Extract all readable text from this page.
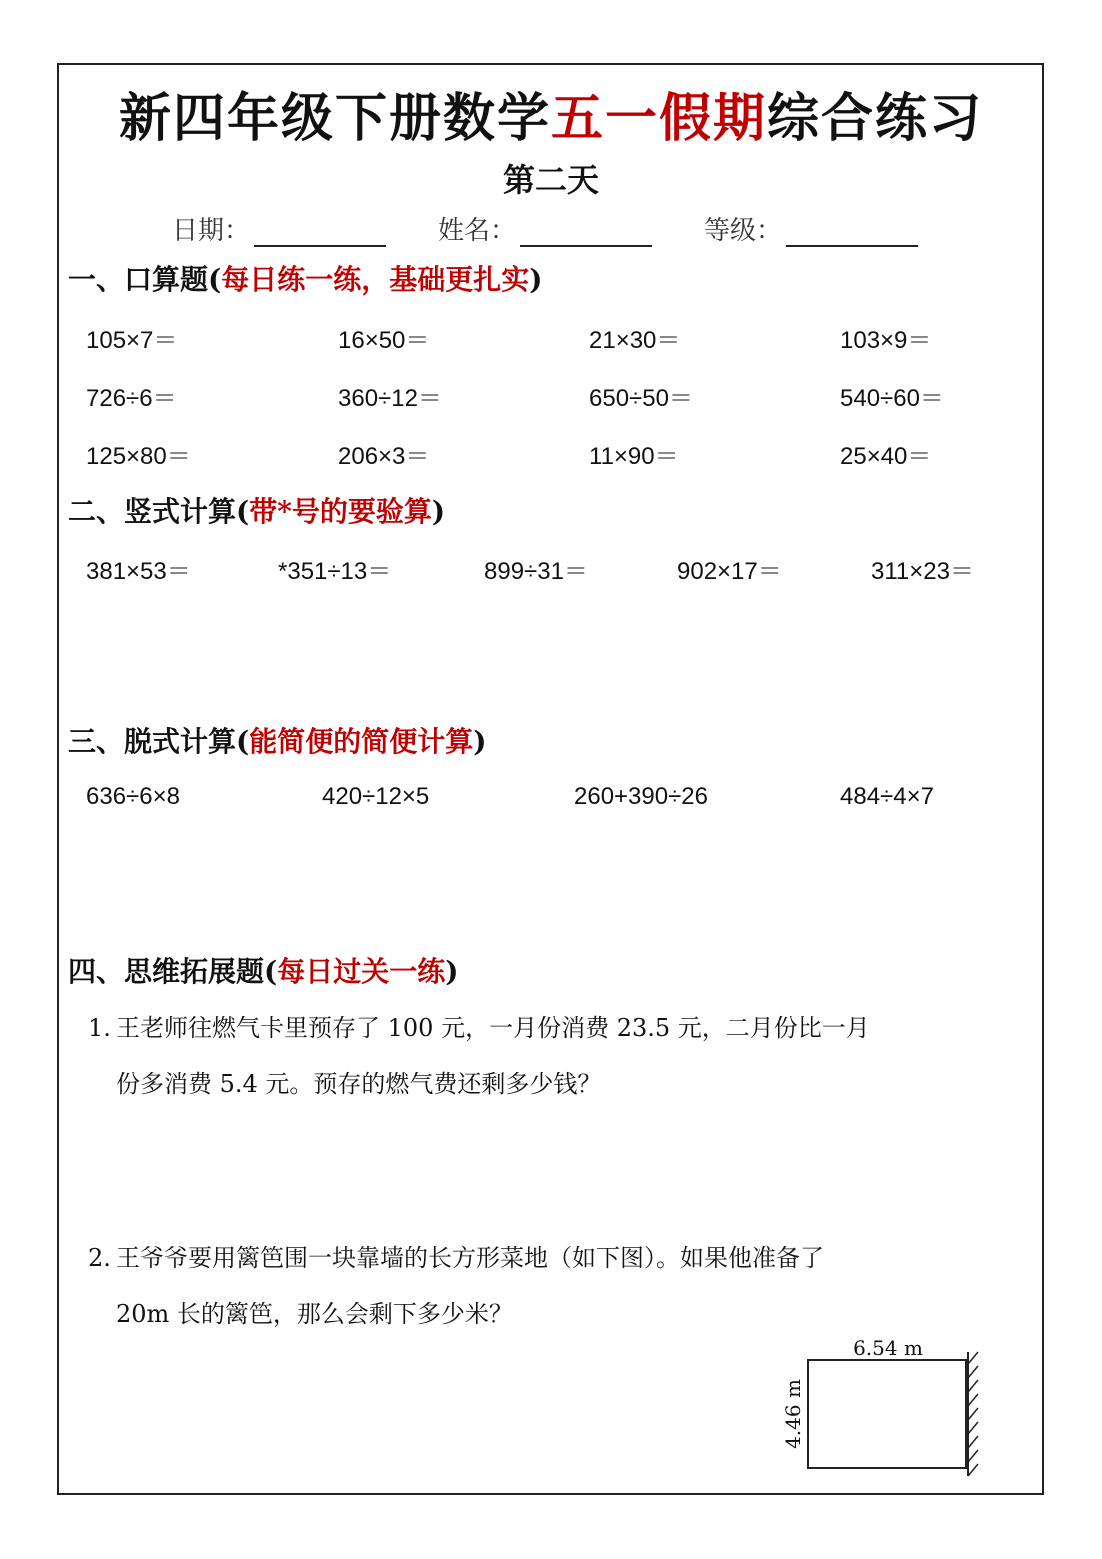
新四年级下册数学五一假期综合练习
第二天
日期：	姓名：	等级：
一、口算题(每日练一练，基础更扎实)
105×7＝	16×50＝	21×30＝	103×9＝
726÷6＝	360÷12＝	650÷50＝	540÷60＝
125×80＝	206×3＝	11×90＝	25×40＝
二、竖式计算(带*号的要验算)
381×53＝	*351÷13＝	899÷31＝	902×17＝	311×23＝
三、脱式计算(能简便的简便计算)
636÷6×8	420÷12×5	260+390÷26	484÷4×7
四、思维拓展题(每日过关一练)
1. 王老师往燃气卡里预存了 100 元，一月份消费 23.5 元，二月份比一月
份多消费 5.4 元。预存的燃气费还剩多少钱？
2. 王爷爷要用篱笆围一块靠墙的长方形菜地（如下图）。如果他准备了
20m 长的篱笆，那么会剩下多少米？
6.54 m
4.46 m
